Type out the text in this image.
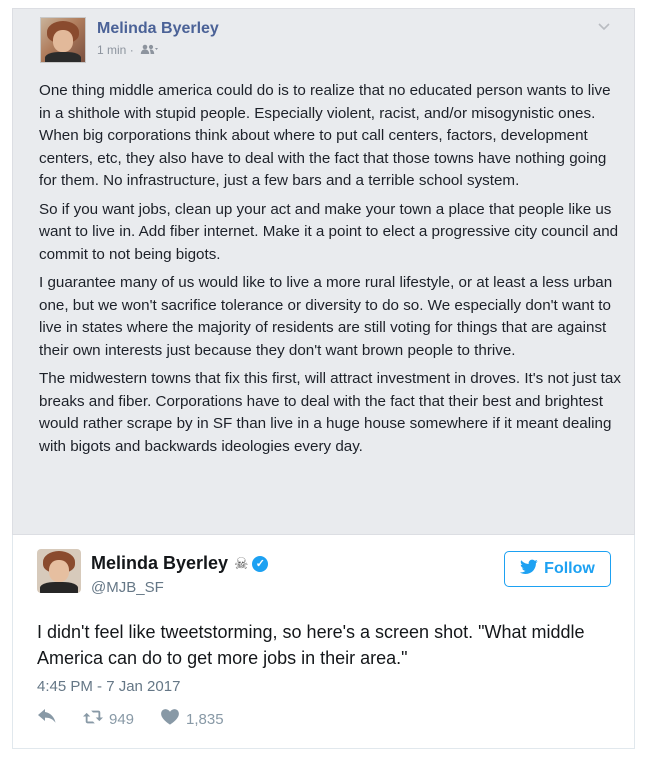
Melinda Byerley
1 min ·

One thing middle america could do is to realize that no educated person wants to live in a shithole with stupid people. Especially violent, racist, and/or misogynistic ones. When big corporations think about where to put call centers, factors, development centers, etc, they also have to deal with the fact that those towns have nothing going for them. No infrastructure, just a few bars and a terrible school system.

So if you want jobs, clean up your act and make your town a place that people like us want to live in. Add fiber internet. Make it a point to elect a progressive city council and commit to not being bigots.

I guarantee many of us would like to live a more rural lifestyle, or at least a less urban one, but we won't sacrifice tolerance or diversity to do so. We especially don't want to live in states where the majority of residents are still voting for things that are against their own interests just because they don't want brown people to thrive.

The midwestern towns that fix this first, will attract investment in droves. It's not just tax breaks and fiber. Corporations have to deal with the fact that their best and brightest would rather scrape by in SF than live in a huge house somewhere if it meant dealing with bigots and backwards ideologies every day.

Melinda Byerley ☠ ✓
@MJB_SF
Follow
I didn't feel like tweetstorming, so here's a screen shot. "What middle America can do to get more jobs in their area."
4:45 PM - 7 Jan 2017
949	1,835
